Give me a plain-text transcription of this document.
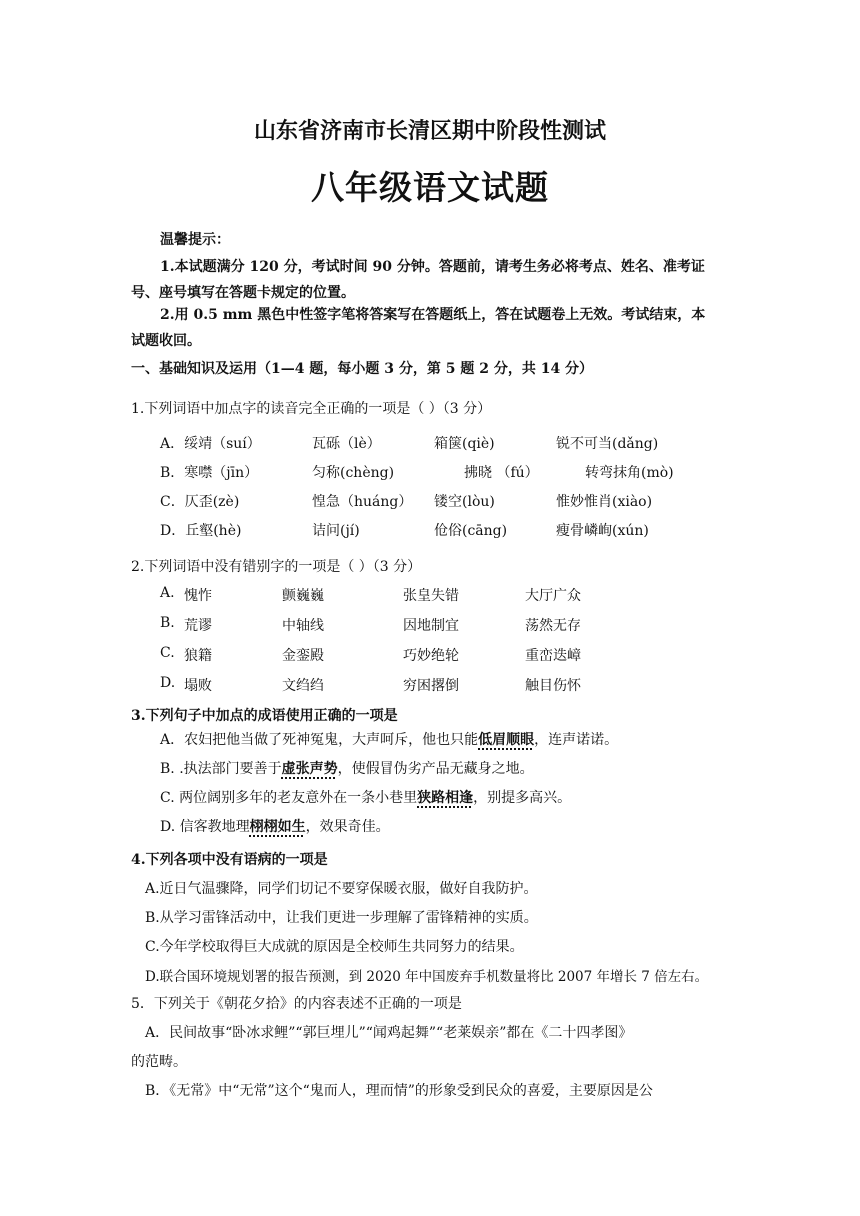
山东省济南市长清区期中阶段性测试
八年级语文试题
温馨提示：
1.本试题满分 120 分，考试时间 90 分钟。答题前，请考生务必将考点、姓名、准考证
号、座号填写在答题卡规定的位置。
2.用 0.5 mm 黑色中性签字笔将答案写在答题纸上，答在试题卷上无效。考试结束，本
试题收回。
一、基础知识及运用（1—4 题，每小题 3 分，第 5 题 2 分，共 14 分）
1.下列词语中加点字的读音完全正确的一项是（ ）（3 分）
A．绥靖（suí）	瓦砾（lè）	箱箧(qiè)	锐不可当(dǎng)
B．寒噤（jīn）	匀称(chèng)	拂晓 （fú）	转弯抹角(mò)
C．仄歪(zè)	惶急（huáng） 镂空(lòu)	惟妙惟肖(xiào)
D．丘壑(hè)	诘问(jí)	伧俗(cāng)	瘦骨嶙峋(xún)
2.下列词语中没有错别字的一项是（ ）（3 分）
A. 愧怍	颤巍巍	张皇失错	大厅广众
B. 荒谬	中轴线	因地制宜	荡然无存
C. 狼籍	金銮殿	巧妙绝轮	重峦迭嶂
D. 塌败	文绉绉	穷困撂倒	触目伤怀
3.下列句子中加点的成语使用正确的一项是
A．农妇把他当做了死神冤鬼，大声呵斥，他也只能低眉顺眼，连声诺诺。
B. .执法部门要善于虚张声势，使假冒伪劣产品无藏身之地。
C. 两位阔别多年的老友意外在一条小巷里狭路相逢，别提多高兴。
D. 信客教地理栩栩如生，效果奇佳。
4.下列各项中没有语病的一项是
A.近日气温骤降，同学们切记不要穿保暖衣服，做好自我防护。
B.从学习雷锋活动中，让我们更进一步理解了雷锋精神的实质。
C.今年学校取得巨大成就的原因是全校师生共同努力的结果。
D.联合国环境规划署的报告预测，到 2020 年中国废弃手机数量将比 2007 年增长 7 倍左右。
5．下列关于《朝花夕拾》的内容表述不正确的一项是
A．民间故事“卧冰求鲤”“郭巨埋儿”“闻鸡起舞”“老莱娱亲”都在《二十四孝图》
的范畴。
B．《无常》中“无常”这个“鬼而人，理而情”的形象受到民众的喜爱，主要原因是公
